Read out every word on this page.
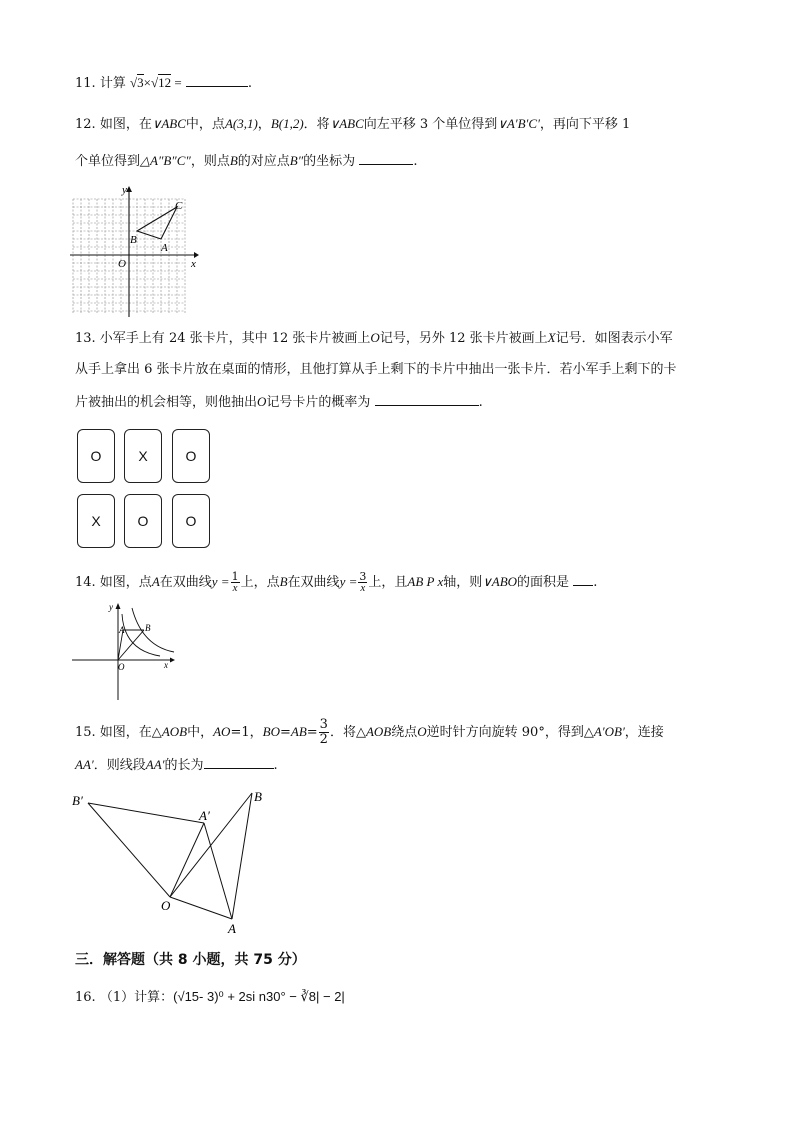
11. 计算 √3×√12 =	.
12. 如图，在∨ABC中，点A(3,1)，B(1,2)．将∨ABC向左平移 3 个单位得到∨A′B′C′，再向下平移 1
个单位得到△A″B″C″，则点B的对应点B″的坐标为	.
y
x
O
A
B
C
13. 小军手上有 24 张卡片，其中 12 张卡片被画上O记号，另外 12 张卡片被画上X记号．如图表示小军
从手上拿出 6 张卡片放在桌面的情形，且他打算从手上剩下的卡片中抽出一张卡片．若小军手上剩下的卡
片被抽出的机会相等，则他抽出O记号卡片的概率为	.
O	X	O
X	O	O
14. 如图，点A在双曲线$y = \frac{1}{x}$ 上，点B在双曲线$y = \frac{3}{x}$ 上，且AB P x轴，则∨ABO的面积是 .
y
x
O
A B
15. 如图，在△AOB中，AO=1，$BO=AB= \frac{3}{2}$ ．将△AOB绕点O逆时针方向旋转 90°，得到△A′OB′，连接
AA′．则线段AA′的长为	.
B′
A′
B
O
A
三．解答题（共 8 小题，共 75 分）
16. （1）计算：(√15- 3)⁰ + 2si n30° − ∛8| − 2|
